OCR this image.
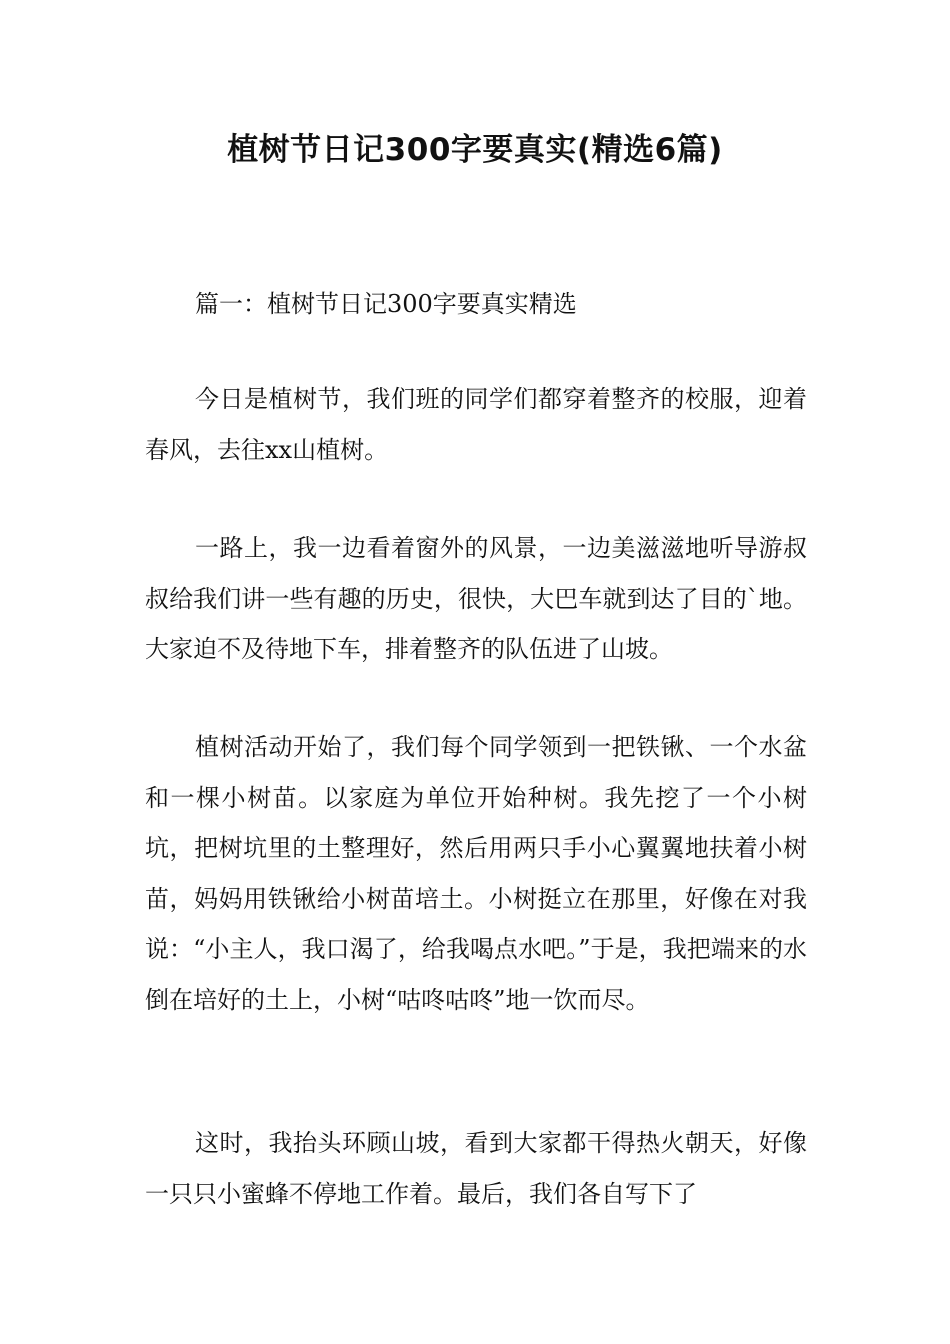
植树节日记300字要真实(精选6篇)

篇一：植树节日记300字要真实精选

今日是植树节，我们班的同学们都穿着整齐的校服，迎着春风，去往xx山植树。

一路上，我一边看着窗外的风景，一边美滋滋地听导游叔叔给我们讲一些有趣的历史，很快，大巴车就到达了目的`地。大家迫不及待地下车，排着整齐的队伍进了山坡。

植树活动开始了，我们每个同学领到一把铁锹、一个水盆和一棵小树苗。以家庭为单位开始种树。我先挖了一个小树坑，把树坑里的土整理好，然后用两只手小心翼翼地扶着小树苗，妈妈用铁锹给小树苗培土。小树挺立在那里，好像在对我说：“小主人，我口渴了，给我喝点水吧。”于是，我把端来的水倒在培好的土上，小树“咕咚咕咚”地一饮而尽。

这时，我抬头环顾山坡，看到大家都干得热火朝天，好像一只只小蜜蜂不停地工作着。最后，我们各自写下了
